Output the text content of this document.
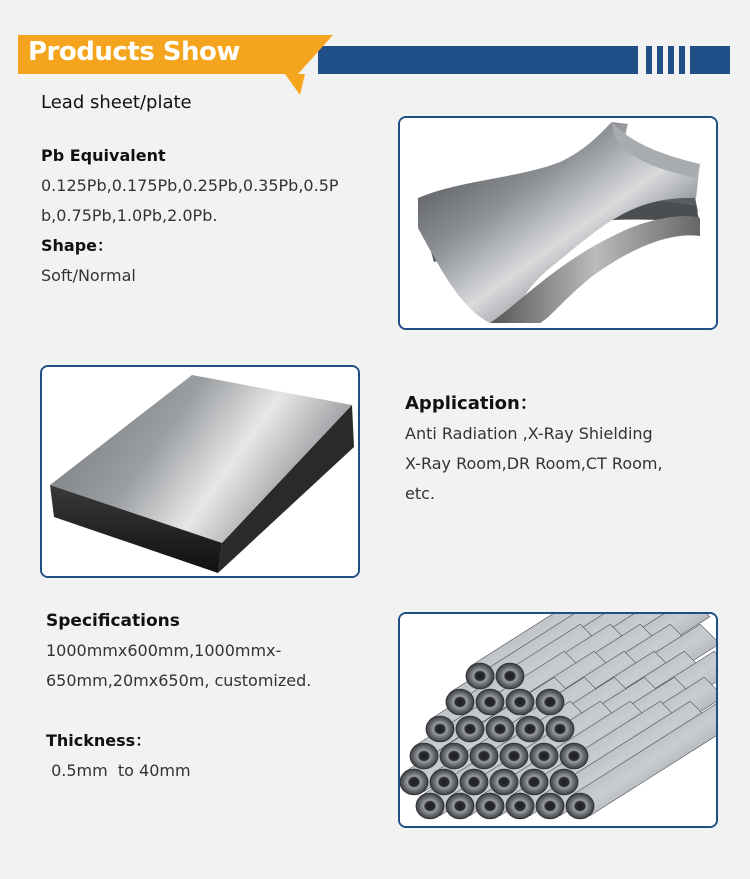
Products Show
Lead sheet/plate
Pb Equivalent
0.125Pb,0.175Pb,0.25Pb,0.35Pb,0.5P
b,0.75Pb,1.0Pb,2.0Pb.
Shape：
Soft/Normal
Application：
Anti Radiation ,X-Ray Shielding
X-Ray Room,DR Room,CT Room,
etc.
Specifications
1000mmx600mm,1000mmx-
650mm,20mx650m, customized.
Thickness：
0.5mm  to 40mm
